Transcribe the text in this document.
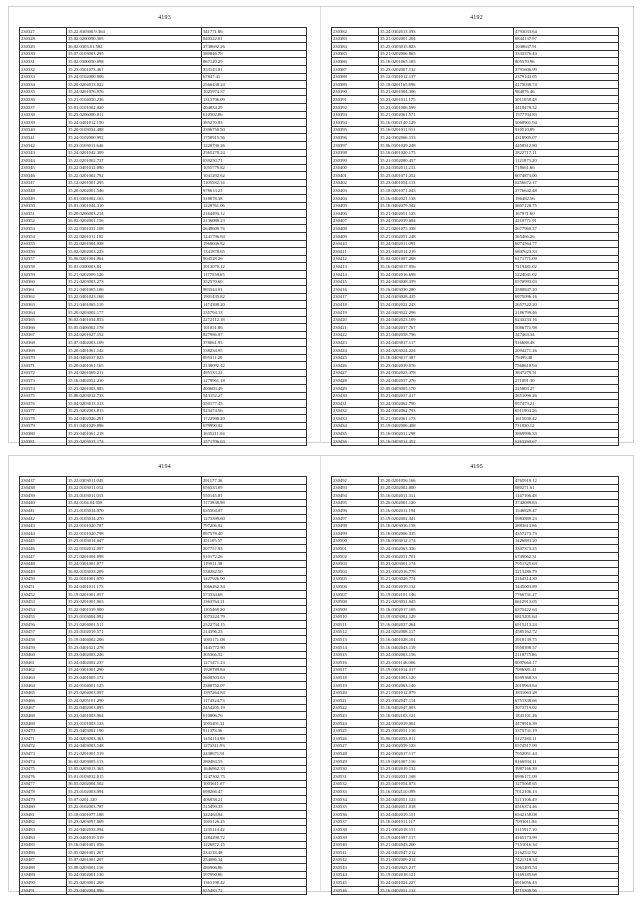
4193
230327	35.22.830300.9.364	341771.86
230328	35.02.0200090.305	840322.01
230329	36.02.0303.01.582	2738692.26
230330	35.07.0103003.295	380846.78
230331	35.02.0300050.098	867120.29
230332	35.23.0501073.467	353143.81
230333	35.24.0102000.906	67847.41
230334	35.20.0204013.022	2566438.24
230335	35.24.0201076.076	1025974.37
230336	35.21.0104050.236	1315706.09
230337	35.01.0101002.020	404834.29
230338	35.23.0206000.011	610502.86
230339	35.24.0401012.150	385270.83
230340	35.20.0103034.488	2396750.50
230341	35.24.0102000.992	1750915.36
230342	35.23.0103011.646	1220730.26
230343	35.24.0201042.309	2565278.24
230344	35.22.0201002.737	839250.71
230345	35.22.0401012.080	1055779.82
230346	35.22.0201002.792	1041292.62
230347	35.12.0201001.295	1105582.14
230348	35.20.0202001.546	978613.21
230349	35.01.0301002.163	318878.38
230350	35.01.0301044.310	1220761.06
230351	35.20.0206003.214	2164493.12
230352	36.02.0202001.156	2136088.23
230353	35.22.0301031.108	2648609.76
230354	35.22.0201011.182	1241796.84
230355	35.22.0201004.038	1960046.82
230356	35.02.0202003.223	1341878.65
230357	35.06.0201004.064	904528.26
230358	35.01.0300003.84	1013070.12
230359	35.21.0202009.126	1177558.65
230360	35.21.0203003.273	352570.60
230361	35.21.0401065.106	983344.01
230362	35.22.0401023.168	1901435.82
230363	35.21.0401065.110	1474308.20
230364	35.20.0203002.177	335794.13
230365	36.02.0401034.853	2272112.18
230366	35.05.0406002.178	101051.86
230367	35.24.0201027.152	827986.07
230368	35.07.0402003.109	378061.95
230369	35.20.0401061.142	538234.95
230370	35.04.0402037.025	895311.20
230371	35.20.0401061.165	2138092.42
230372	35.24.0201069.211	495133.22
230373	35.16.0402052.210	1279961.18
230374	35.23.0201003.985	400603.49
230375	35.06.0203012.733	543152.27
230376	35.04.0203013.313	350177.45
230377	35.23.0202003.815	923474.56
230378	35.24.0402026.291	1722998.20
230379	35.01.0401029.096	679990.02
230380	35.23.0401061.218	1635211.04
230381	35.23.0203013.174	1571706.63
4192
230382	35.24.0302013.593	4793033.64
230383	35.21.0202001.204	6844137.97
230384	35.25.0303015.823	1038637.91
230385	35.21.0202006.865	3333376.43
230386	35.16.0201065.185	805570.96
230387	35.23.0202007.132	3791606.99
230388	35.12.0301012.137	2379143.05
230389	35.18.0201165.896	4175038.74
230390	35.21.0201004.306	984876.46
230391	35.23.0201011.175	3011058.48
230392	35.23.0301006.599	4418478.52
230393	35.21.0302061.571	1577704.83
230394	35.16.0302140.129	5060901.94
230395	35.16.0201011.911	910510.89
230396	35.24.0302066.153	4318905.07
230397	35.06.0301029.248	4458312.80
230398	35.16.0401020.175	2822717.11
230399	35.21.0302080.457	1121873.20
230400	35.24.0302011.213	718661.66
230401	35.23.0401071.252	6074873.00
230402	35.23.0401054.113	6256672.17
230403	35.18.0201071.043	2776642.48
230404	35.16.0402021.138	196482.56
230405	35.16.0402079.342	3607128.75
230406	35.21.0402051.123	167871.60
230407	35.24.0302019.684	4210771.91
230408	35.21.0201075.338	2677960.37
230409	35.21.0302051.248	365466.26
230410	35.24.0402011.095	6074564.77
230411	35.23.0402014.219	6807623.33
230412	35.02.0201007.268	6171771.09
230413	35.16.0403017.956	7219481.02
230414	35.24.0302016.698	5224041.02
230415	35.24.0403028.359	6570993.03
230416	35.16.0403030.280	2580847.20
230417	35.24.0403028.435	6975096.16
230418	35.24.0302022.243	2657522.20
230419	35.24.0403022.296	2186799.46
230420	35.24.0402023.109	6243233.16
230421	35.24.0402037.767	5086771.98
230422	35.21.0402058.796	347463.34
230423	35.24.0403017.117	916688.48
230424	35.24.0203024.224	2094271.26
230425	35.16.0403017.387	79499.48
230426	35.23.0402019.076	7568618.94
230427	35.24.0302023.378	3847279.51
230428	35.24.0402037.276	271091.30
230429	35.09.0403005.170	225803.27
230430	35.21.0402037.417	2651096.26
230431	35.24.0302062.790	957473.21
230432	35.24.0302062.793	6511904.26
230433	35.21.0302061.173	1615030.42
230434	35.19.0402006.408	711830.12
230435	35.16.0302011.298	3869996.33
230436	35.16.0403014.452	6263260.67
4194
230437	35.22.0303011.045	291177.36
230438	35.22.0103011.012	656533.09
230439	35.23.0103011.013	550145.81
230440	35.02.0104.04.058	1173938.98
230441	35.21.0103014.070	635504.07
230442	35.23.0103014.270	1273399.60
230443	35.22.0101020.787	797206.02
230444	35.22.0101020.798	897578.40
230445	35.23.0103014.047	351105.57
230446	35.22.0102012.097	307757.03
230447	35.21.0201004.098	910172.26
230448	35.24.0301001.077	119911.38
230449	36.02.0103033.209	538282.50
230450	35.22.0101001.070	1427926.90
230451	35.24.0401011.173	1066262.34
230452	35.19.0201001.057	573334.68
230453	35.23.0201001.063	1363764.21
230454	35.22.0401019.900	1105468.20
230455	35.23.0103004.092	1073224.79
230456	35.21.0204001.511	2322734.15
230457	35.23.0102019.571	214396.23
230458	35.19.0404002.206	1003171.08
230459	35.23.0401021.278	1445772.90
230460	35.23.0402003.246	305366.52
230461	35.24.0402002.237	1271471.23
230462	35.24.0301001.290	1920789.84
230463	35.23.0401005.172	2600503.63
230464	35.24.0104001.125	2380752.07
230465	35.23.0204003.097	1397264.84
230466	35.24.0205101.290	1174524.73
230467	35.22.0402003.095	2454205.19
230468	35.23.0401003.064	610806.76
230469	35.23.0101003.123	1003491.21
230470	35.23.0403002.190	911373.36
230471	35.24.0203003.363	1454114.98
230472	35.24.0403003.548	1273311.93
230473	35.21.0201001.519	2438671.91
230474	36.02.0203005.113	280484.55
230475	35.05.0203013.365	1646862.33
230476	35.01.0103032.015	1247302.75
230477	36.03.0202004.502	1003611.07
230478	35.23.0102003.094	698266.47
230479	35.07.0201.120	406058.21
230480	35.22.0102003.787	315499.35
230481	35.18.0301077.188	322464.84
230482	35.23.0203097.069	1003126.25
230483	35.24.0402033.094	1235114.42
230484	35.23.0401019.319	1284290.72
230485	35.16.0401001.056	1226872.15
230486	35.05.0201001.207	234118.48
230487	35.07.0201001.207	254086.34
230488	35.08.0203001.116	480906.86
230489	35.24.0302001.130	597990.86
230490	35.23.0203001.268	1363198.42
230491	35.23.0402004.996	655483.72
4195
230492	35.20.0201056.166	4765919.12
230493	35.20.0202002.800	680271.61
230494	35.16.0202011.311	1147196.48
230495	35.26.0202001.120	3742089.63
230496	35.16.0202011.194	1546829.47
230497	35.19.0202002.341	5983889.23
230498	35.16.0203016.158	2883613.86
230499	35.16.0302006.335	4357273.73
230500	35.16.0303012.174	1426883.20
230501	35.24.0302063.356	3307373.25
230502	35.20.0302031.701	6749062.31
230503	35.23.0203001.174	7951325.63
230504	35.23.0302016.778	3213286.79
230505	35.21.0203026.774	2164314.30
230506	35.24.0302019.132	5445003.89
230507	35.19.0302101.146	7766731.27
230508	35.21.0203031.045	6612913.05
230509	35.16.0302017.105	6375422.64
230510	35.19.0303002.129	6815201.64
230511	35.16.0402037.264	6515213.24
230512	35.24.0202008.117	4585162.72
230513	35.16.0401028.101	2918139.75
230514	35.16.0402043.119	5958398.57
230515	35.24.0302063.156	2118775.86
230516	35.23.0301146.006	8097664.17
230517	35.19.0301014.317	7096381.41
230518	35.24.0301003.120	6599368.33
230519	35.24.0302063.140	2019963.64
230520	35.21.0301012.079	1831063.28
230521	35.23.0302047.114	6751338.66
230522	35.16.0402047.003	3073719.02
230523	35.16.0402103.121	1843101.26
230524	35.24.0302019.002	4479916.39
230525	35.23.0302031.110	3375731.19
230526	35.06.0302053.011	5127283.11
230527	35.24.0302059.123	6574517.99
230528	35.24.0302017.117	7052051.44
230529	35.19.0401007.116	8166934.11
230530	35.23.0402019.132	3987166.39
230531	35.21.0302031.168	8996171.09
230532	35.23.0401054.073	1275068.65
230533	35.16.0302110.099	7012106.13
230534	35.24.0402051.123	5113106.49
230535	35.24.0402051.018	6516374.46
230536	35.24.0402019.151	6542158.08
230537	35.16.0401011.117	7093011.84
230538	35.21.0302018.151	3115917.10
230539	35.19.0401097.117	4165173.99
230540	35.21.0402043.200	7151016.34
230541	35.24.0402047.212	2162531.92
230542	35.21.0302009.214	7421318.34
230543	35.21.0402023.217	1061493.54
230544	35.19.0302018.121	3169185.68
230545	35.24.0401024.227	6916056.43
230546	35.16.0402031.132	4715309.96
